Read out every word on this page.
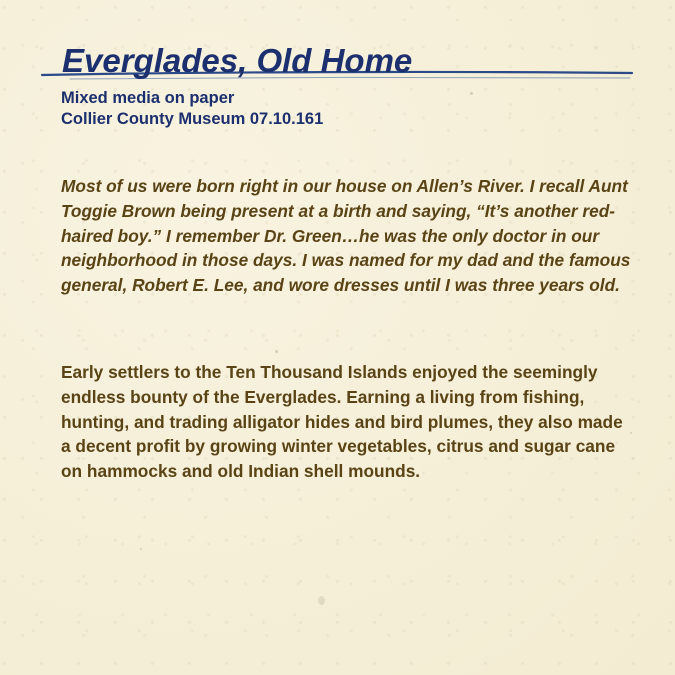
Everglades, Old Home
Mixed media on paper
Collier County Museum 07.10.161

Most of us were born right in our house on Allen’s River. I recall Aunt Toggie Brown being present at a birth and saying, “It’s another red-haired boy.” I remember Dr. Green…he was the only doctor in our neighborhood in those days. I was named for my dad and the famous general, Robert E. Lee, and wore dresses until I was three years old.

Early settlers to the Ten Thousand Islands enjoyed the seemingly endless bounty of the Everglades. Earning a living from fishing, hunting, and trading alligator hides and bird plumes, they also made a decent profit by growing winter vegetables, citrus and sugar cane on hammocks and old Indian shell mounds.
